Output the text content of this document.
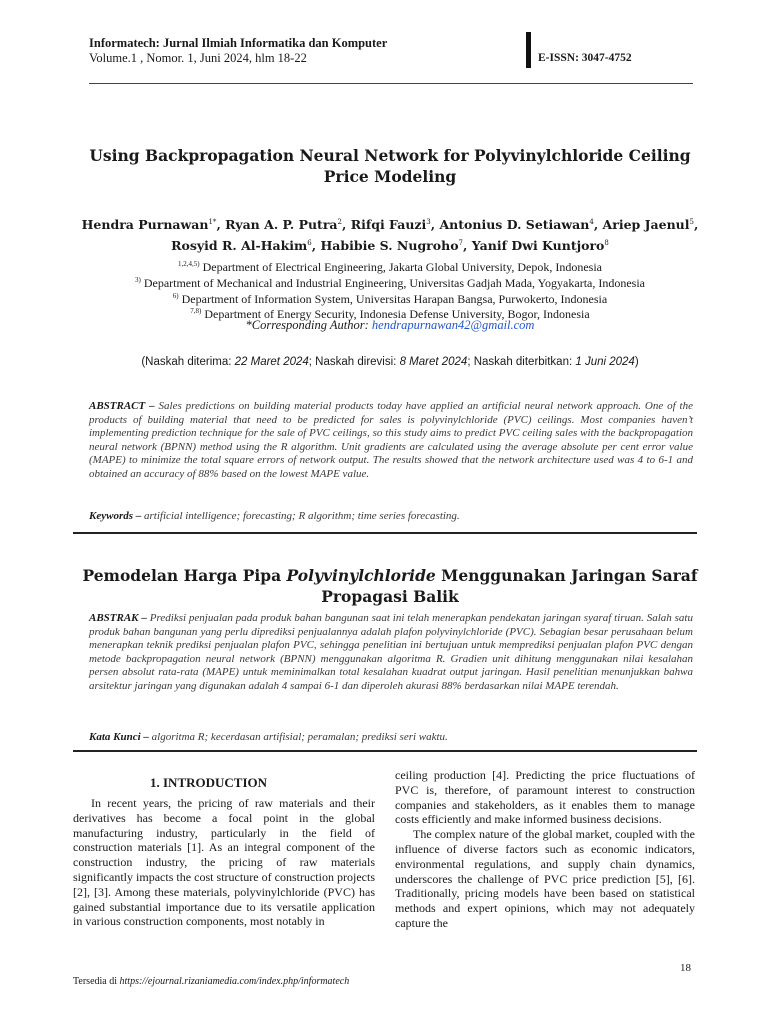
Informatech: Jurnal Ilmiah Informatika dan Komputer
Volume.1 , Nomor. 1, Juni 2024, hlm 18-22	E-ISSN: 3047-4752
Using Backpropagation Neural Network for Polyvinylchloride Ceiling Price Modeling
Hendra Purnawan$^{1*}$, Ryan A. P. Putra$^2$, Rifqi Fauzi$^3$, Antonius D. Setiawan$^4$, Ariep Jaenul$^5$,
Rosyid R. Al-Hakim$^6$, Habibie S. Nugroho$^7$, Yanif Dwi Kuntjoro$^8$
$^{1,2,4,5)}$ Department of Electrical Engineering, Jakarta Global University, Depok, Indonesia
$^{3)}$ Department of Mechanical and Industrial Engineering, Universitas Gadjah Mada, Yogyakarta, Indonesia
$^{6)}$ Department of Information System, Universitas Harapan Bangsa, Purwokerto, Indonesia
$^{7,8)}$ Department of Energy Security, Indonesia Defense University, Bogor, Indonesia
*Corresponding Author: hendrapurnawan42@gmail.com
(Naskah diterima: 22 Maret 2024; Naskah direvisi: 8 Maret 2024; Naskah diterbitkan: 1 Juni 2024)
ABSTRACT – Sales predictions on building material products today have applied an artificial neural network approach. One of the products of building material that need to be predicted for sales is polyvinylchloride (PVC) ceilings. Most companies haven’t implementing prediction technique for the sale of PVC ceilings, so this study aims to predict PVC ceiling sales with the backpropagation neural network (BPNN) method using the R algorithm. Unit gradients are calculated using the average absolute per cent error value (MAPE) to minimize the total square errors of network output. The results showed that the network architecture used was 4 to 6-1 and obtained an accuracy of 88% based on the lowest MAPE value.
Keywords – artificial intelligence; forecasting; R algorithm; time series forecasting.
Pemodelan Harga Pipa Polyvinylchloride Menggunakan Jaringan Saraf Propagasi Balik
ABSTRAK – Prediksi penjualan pada produk bahan bangunan saat ini telah menerapkan pendekatan jaringan syaraf tiruan. Salah satu produk bahan bangunan yang perlu diprediksi penjualannya adalah plafon polyvinylchloride (PVC). Sebagian besar perusahaan belum menerapkan teknik prediksi penjualan plafon PVC, sehingga penelitian ini bertujuan untuk memprediksi penjualan plafon PVC dengan metode backpropagation neural network (BPNN) menggunakan algoritma R. Gradien unit dihitung menggunakan nilai kesalahan persen absolut rata-rata (MAPE) untuk meminimalkan total kesalahan kuadrat output jaringan. Hasil penelitian menunjukkan bahwa arsitektur jaringan yang digunakan adalah 4 sampai 6-1 dan diperoleh akurasi 88% berdasarkan nilai MAPE terendah.
Kata Kunci – algoritma R; kecerdasan artifisial; peramalan; prediksi seri waktu.
1. INTRODUCTION

In recent years, the pricing of raw materials and their derivatives has become a focal point in the global manufacturing industry, particularly in the field of construction materials [1]. As an integral component of the construction industry, the pricing of raw materials significantly impacts the cost structure of construction projects [2], [3]. Among these materials, polyvinylchloride (PVC) has gained substantial importance due to its versatile application in various construction components, most notably in

ceiling production [4]. Predicting the price fluctuations of PVC is, therefore, of paramount interest to construction companies and stakeholders, as it enables them to manage costs efficiently and make informed business decisions.

The complex nature of the global market, coupled with the influence of diverse factors such as economic indicators, environmental regulations, and supply chain dynamics, underscores the challenge of PVC price prediction [5], [6]. Traditionally, pricing models have been based on statistical methods and expert opinions, which may not adequately capture the

18
Tersedia di https://ejournal.rizaniamedia.com/index.php/informatech
